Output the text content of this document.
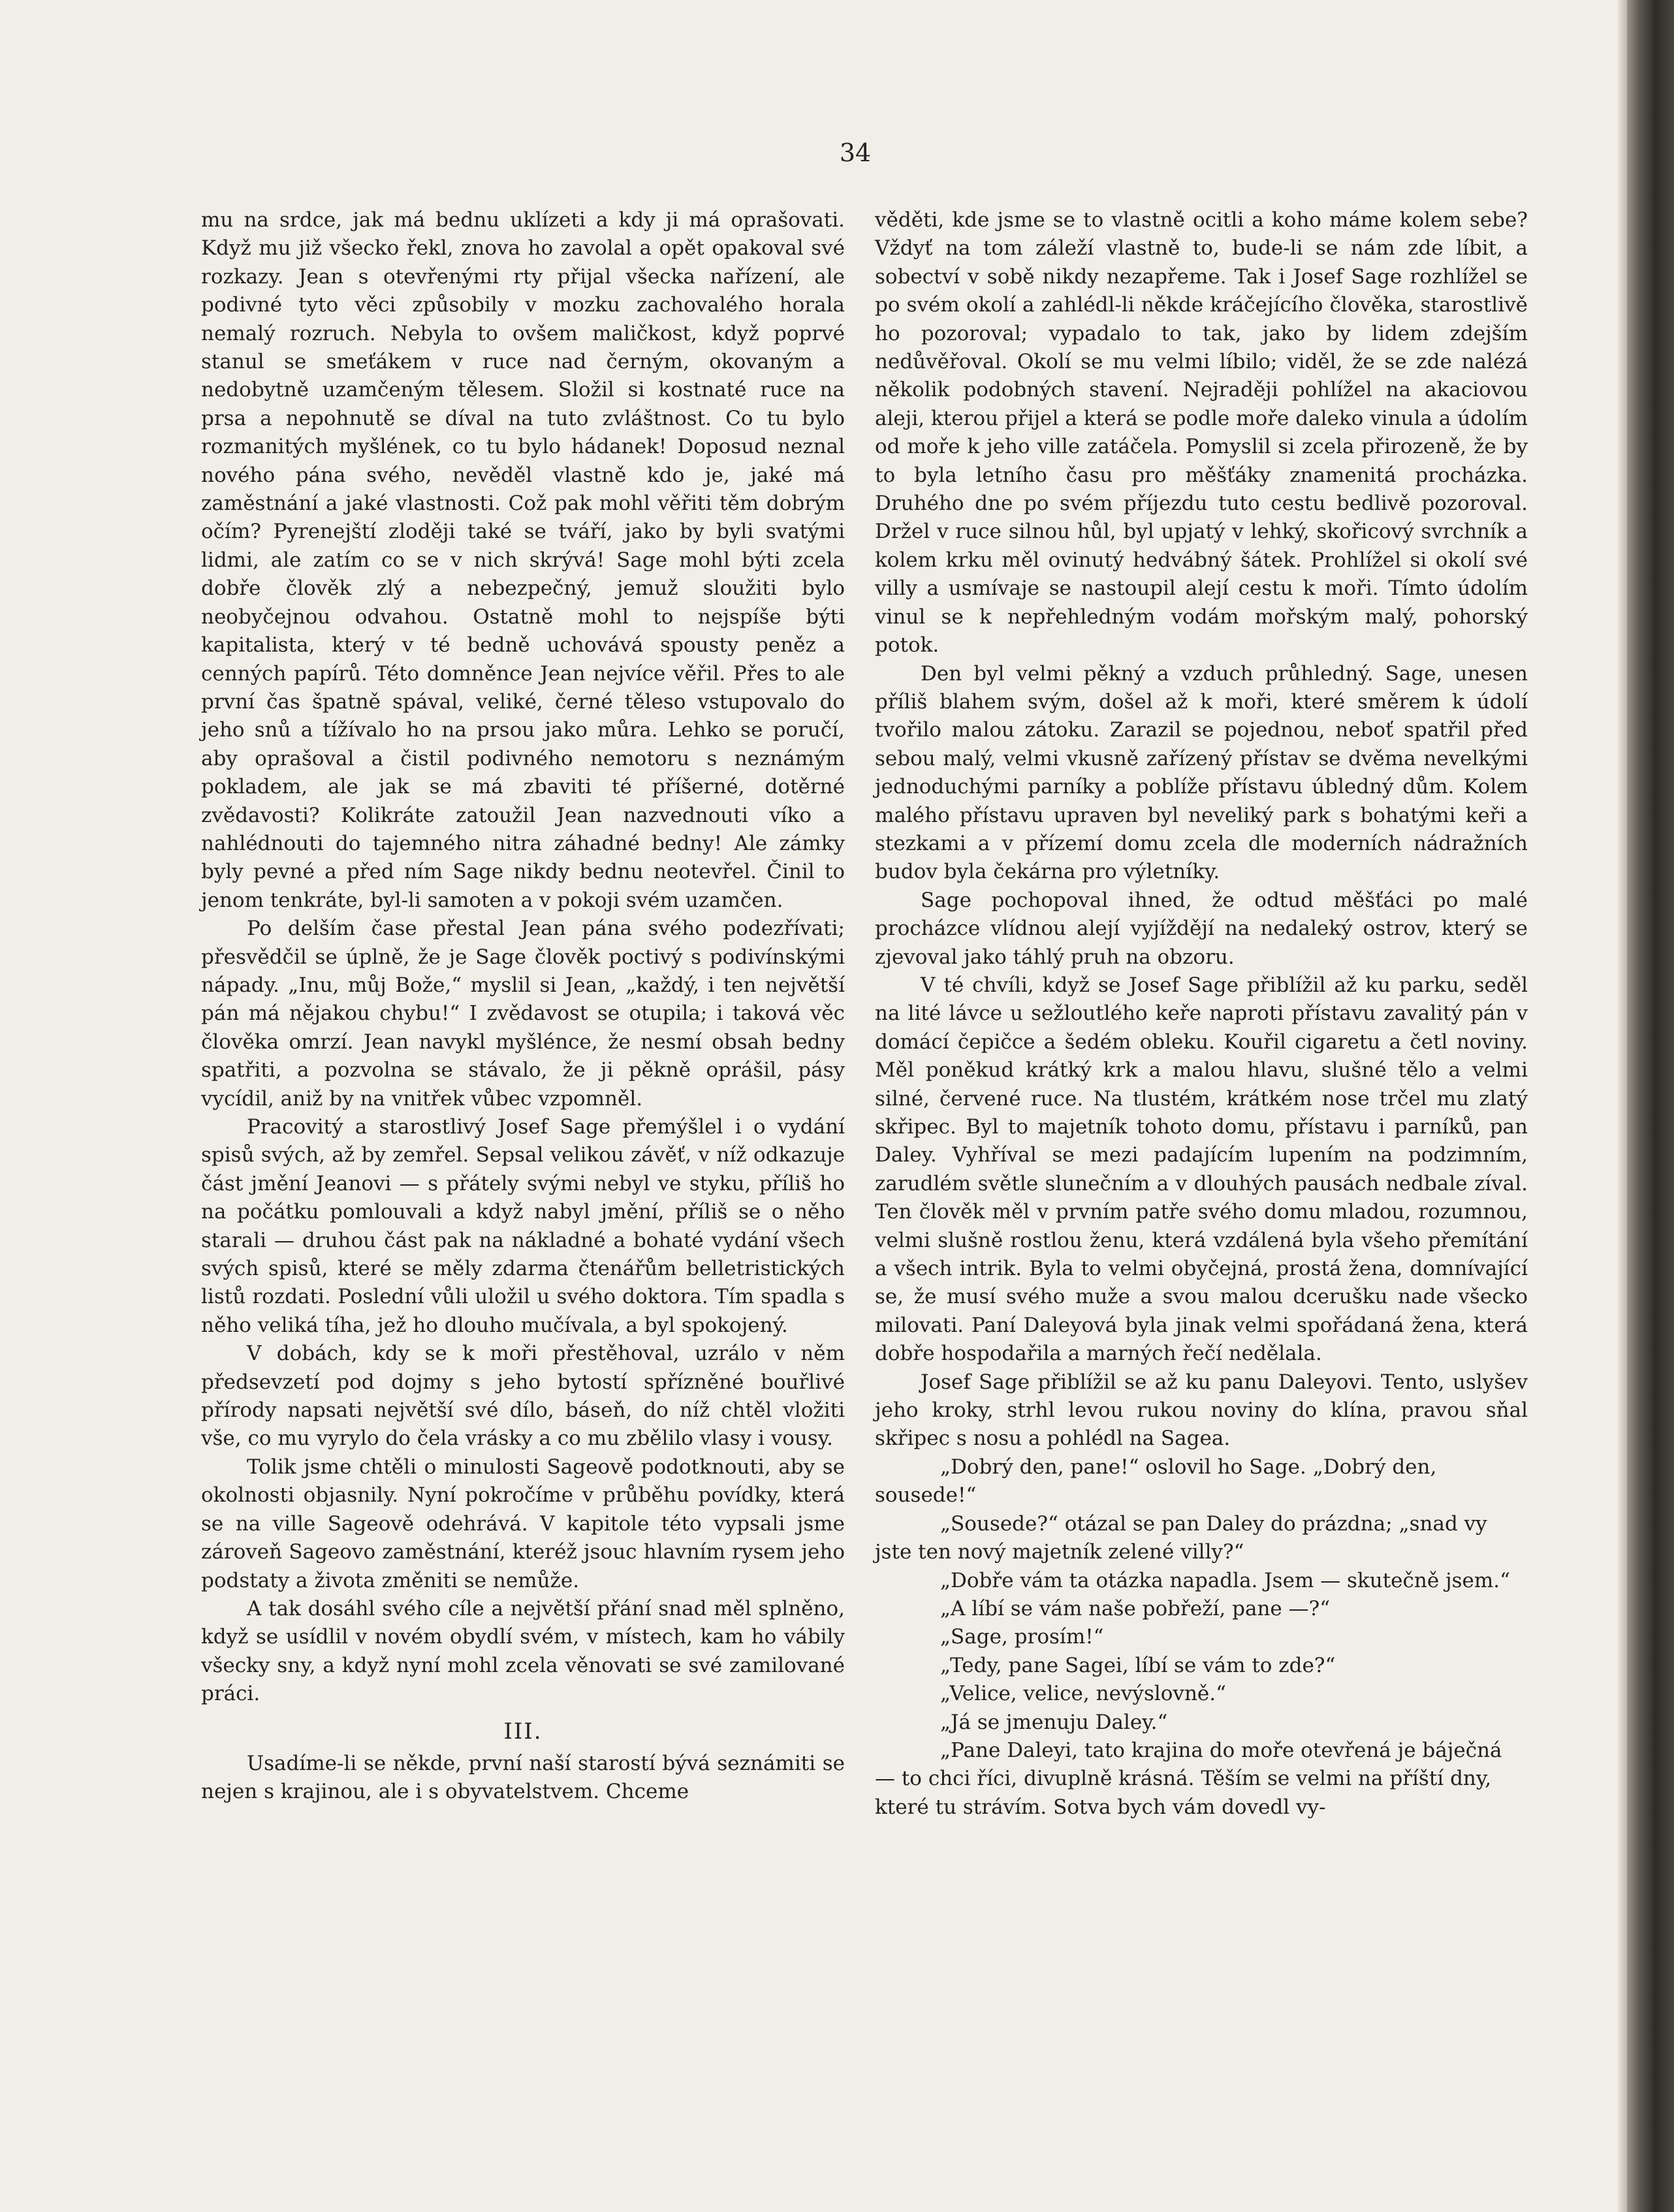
34

mu na srdce, jak má bednu uklízeti a kdy ji má oprašovati. Když mu již všecko řekl, znova ho zavolal a opět opakoval své rozkazy. Jean s otevřenými rty přijal všecka nařízení, ale podivné tyto věci způsobily v mozku zachovalého horala nemalý rozruch. Nebyla to ovšem maličkost, když poprvé stanul se smeťákem v ruce nad černým, okovaným a nedobytně uzamčeným tělesem. Složil si kostnaté ruce na prsa a nepohnutě se díval na tuto zvláštnost. Co tu bylo rozmanitých myšlének, co tu bylo hádanek! Doposud neznal nového pána svého, nevěděl vlastně kdo je, jaké má zaměstnání a jaké vlastnosti. Což pak mohl věřiti těm dobrým očím? Pyrenejští zloději také se tváří, jako by byli svatými lidmi, ale zatím co se v nich skrývá! Sage mohl býti zcela dobře člověk zlý a nebezpečný, jemuž sloužiti bylo neobyčejnou odvahou. Ostatně mohl to nejspíše býti kapitalista, který v té bedně uchovává spousty peněz a cenných papírů. Této domněnce Jean nejvíce věřil. Přes to ale první čas špatně spával, veliké, černé těleso vstupovalo do jeho snů a tížívalo ho na prsou jako můra. Lehko se poručí, aby oprašoval a čistil podivného nemotoru s neznámým pokladem, ale jak se má zbaviti té příšerné, dotěrné zvědavosti? Kolikráte zatoužil Jean nazvednouti víko a nahlédnouti do tajemného nitra záhadné bedny! Ale zámky byly pevné a před ním Sage nikdy bednu neotevřel. Činil to jenom tenkráte, byl-li samoten a v pokoji svém uzamčen.

Po delším čase přestal Jean pána svého podezřívati; přesvědčil se úplně, že je Sage člověk poctivý s podivínskými nápady. „Inu, můj Bože,“ myslil si Jean, „každý, i ten největší pán má nějakou chybu!“ I zvědavost se otupila; i taková věc člověka omrzí. Jean navykl myšlénce, že nesmí obsah bedny spatřiti, a pozvolna se stávalo, že ji pěkně oprášil, pásy vycídil, aniž by na vnitřek vůbec vzpomněl.

Pracovitý a starostlivý Josef Sage přemýšlel i o vydání spisů svých, až by zemřel. Sepsal velikou závěť, v níž odkazuje část jmění Jeanovi — s přátely svými nebyl ve styku, příliš ho na počátku pomlouvali a když nabyl jmění, příliš se o něho starali — druhou část pak na nákladné a bohaté vydání všech svých spisů, které se měly zdarma čtenářům belletristických listů rozdati. Poslední vůli uložil u svého doktora. Tím spadla s něho veliká tíha, jež ho dlouho mučívala, a byl spokojený.

V dobách, kdy se k moři přestěhoval, uzrálo v něm předsevzetí pod dojmy s jeho bytostí spřízněné bouřlivé přírody napsati největší své dílo, báseň, do níž chtěl vložiti vše, co mu vyrylo do čela vrásky a co mu zbělilo vlasy i vousy.

Tolik jsme chtěli o minulosti Sageově podotknouti, aby se okolnosti objasnily. Nyní pokročíme v průběhu povídky, která se na ville Sageově odehrává. V kapitole této vypsali jsme zároveň Sageovo zaměstnání, kteréž jsouc hlavním rysem jeho podstaty a života změniti se nemůže.

A tak dosáhl svého cíle a největší přání snad měl splněno, když se usídlil v novém obydlí svém, v místech, kam ho vábily všecky sny, a když nyní mohl zcela věnovati se své zamilované práci.

III.

Usadíme-li se někde, první naší starostí bývá seznámiti se nejen s krajinou, ale i s obyvatelstvem. Chceme

věděti, kde jsme se to vlastně ocitli a koho máme kolem sebe? Vždyť na tom záleží vlastně to, bude-li se nám zde líbit, a sobectví v sobě nikdy nezapřeme. Tak i Josef Sage rozhlížel se po svém okolí a zahlédl-li někde kráčejícího člověka, starostlivě ho pozoroval; vypadalo to tak, jako by lidem zdejším nedůvěřoval. Okolí se mu velmi líbilo; viděl, že se zde nalézá několik podobných stavení. Nejraději pohlížel na akaciovou aleji, kterou přijel a která se podle moře daleko vinula a údolím od moře k jeho ville zatáčela. Pomyslil si zcela přirozeně, že by to byla letního času pro měšťáky znamenitá procházka. Druhého dne po svém příjezdu tuto cestu bedlivě pozoroval. Držel v ruce silnou hůl, byl upjatý v lehký, skořicový svrchník a kolem krku měl ovinutý hedvábný šátek. Prohlížel si okolí své villy a usmívaje se nastoupil alejí cestu k moři. Tímto údolím vinul se k nepřehledným vodám mořským malý, pohorský potok.

Den byl velmi pěkný a vzduch průhledný. Sage, unesen příliš blahem svým, došel až k moři, které směrem k údolí tvořilo malou zátoku. Zarazil se pojednou, neboť spatřil před sebou malý, velmi vkusně zařízený přístav se dvěma nevelkými jednoduchými parníky a poblíže přístavu úbledný dům. Kolem malého přístavu upraven byl neveliký park s bohatými keři a stezkami a v přízemí domu zcela dle moderních nádražních budov byla čekárna pro výletníky.

Sage pochopoval ihned, že odtud měšťáci po malé procházce vlídnou alejí vyjíždějí na nedaleký ostrov, který se zjevoval jako táhlý pruh na obzoru.

V té chvíli, když se Josef Sage přiblížil až ku parku, seděl na lité lávce u sežloutlého keře naproti přístavu zavalitý pán v domácí čepičce a šedém obleku. Kouřil cigaretu a četl noviny. Měl poněkud krátký krk a malou hlavu, slušné tělo a velmi silné, červené ruce. Na tlustém, krátkém nose trčel mu zlatý skřipec. Byl to majetník tohoto domu, přístavu i parníků, pan Daley. Vyhříval se mezi padajícím lupením na podzimním, zarudlém světle slunečním a v dlouhých pausách nedbale zíval. Ten člověk měl v prvním patře svého domu mladou, rozumnou, velmi slušně rostlou ženu, která vzdálená byla všeho přemítání a všech intrik. Byla to velmi obyčejná, prostá žena, domnívající se, že musí svého muže a svou malou dcerušku nade všecko milovati. Paní Daleyová byla jinak velmi spořádaná žena, která dobře hospodařila a marných řečí nedělala.

Josef Sage přiblížil se až ku panu Daleyovi. Tento, uslyšev jeho kroky, strhl levou rukou noviny do klína, pravou sňal skřipec s nosu a pohlédl na Sagea.

„Dobrý den, pane!“ oslovil ho Sage. „Dobrý den, sousede!“

„Sousede?“ otázal se pan Daley do prázdna; „snad vy jste ten nový majetník zelené villy?“

„Dobře vám ta otázka napadla. Jsem — skutečně jsem.“

„A líbí se vám naše pobřeží, pane —?“

„Sage, prosím!“

„Tedy, pane Sagei, líbí se vám to zde?“

„Velice, velice, nevýslovně.“

„Já se jmenuju Daley.“

„Pane Daleyi, tato krajina do moře otevřená je báječná — to chci říci, divuplně krásná. Těším se velmi na příští dny, které tu strávím. Sotva bych vám dovedl vy-
